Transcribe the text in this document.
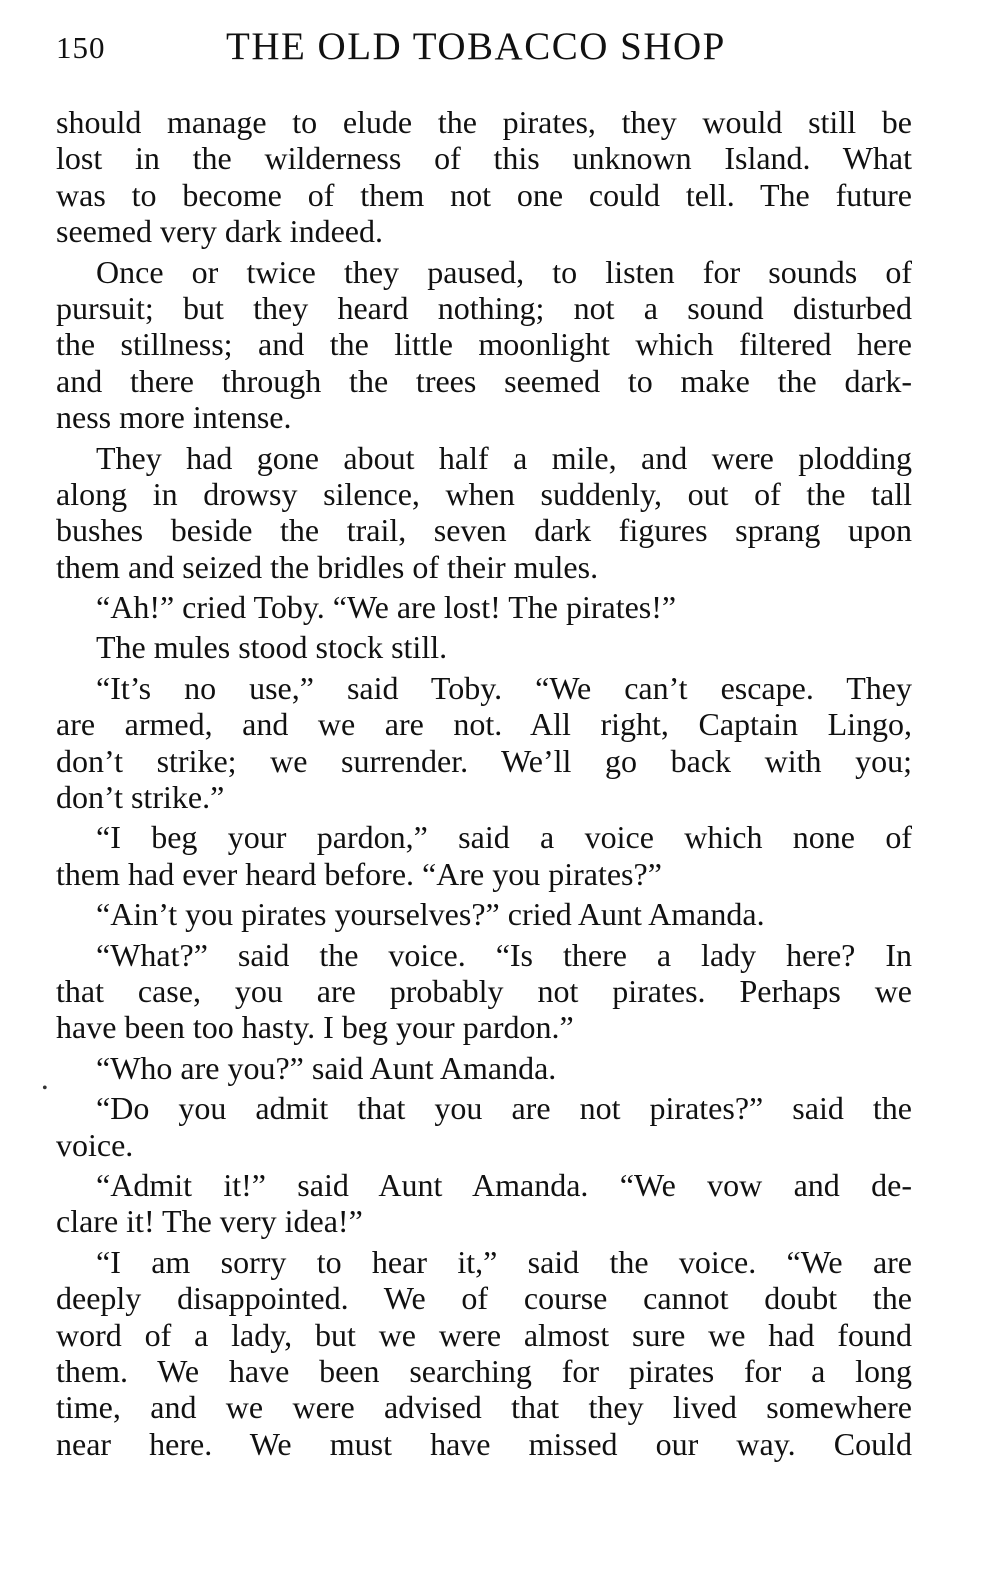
150	THE OLD TOBACCO SHOP
•
should manage to elude the pirates, they would still be
lost in the wilderness of this unknown Island. What
was to become of them not one could tell. The future
seemed very dark indeed.
Once or twice they paused, to listen for sounds of
pursuit; but they heard nothing; not a sound disturbed
the stillness; and the little moonlight which filtered here
and there through the trees seemed to make the dark-
ness more intense.
They had gone about half a mile, and were plodding
along in drowsy silence, when suddenly, out of the tall
bushes beside the trail, seven dark figures sprang upon
them and seized the bridles of their mules.
“Ah!” cried Toby. “We are lost! The pirates!”
The mules stood stock still.
“It’s no use,” said Toby. “We can’t escape. They
are armed, and we are not. All right, Captain Lingo,
don’t strike; we surrender. We’ll go back with you;
don’t strike.”
“I beg your pardon,” said a voice which none of
them had ever heard before. “Are you pirates?”
“Ain’t you pirates yourselves?” cried Aunt Amanda.
“What?” said the voice. “Is there a lady here? In
that case, you are probably not pirates. Perhaps we
have been too hasty. I beg your pardon.”
“Who are you?” said Aunt Amanda.
“Do you admit that you are not pirates?” said the
voice.
“Admit it!” said Aunt Amanda. “We vow and de-
clare it! The very idea!”
“I am sorry to hear it,” said the voice. “We are
deeply disappointed. We of course cannot doubt the
word of a lady, but we were almost sure we had found
them. We have been searching for pirates for a long
time, and we were advised that they lived somewhere
near here. We must have missed our way. Could
